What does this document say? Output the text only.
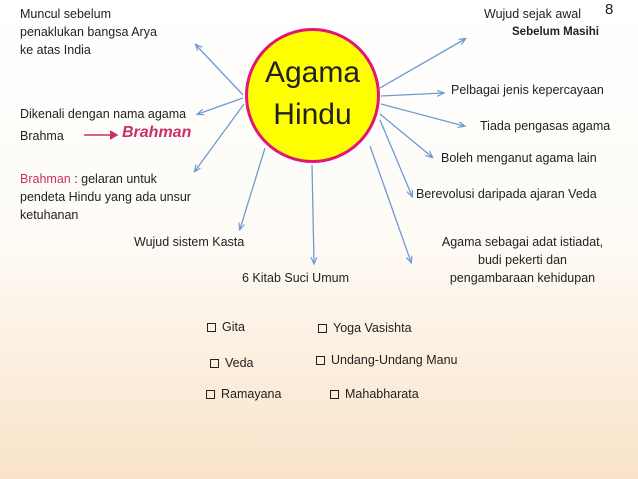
Agama
Hindu
Muncul sebelum
penaklukan bangsa Arya
ke atas India
Dikenali dengan nama agama
Brahma	Brahman
Brahman : gelaran untuk
pendeta Hindu yang ada unsur
ketuhanan
Wujud sistem Kasta
Wujud sejak awal 8
Sebelum Masihi
Pelbagai jenis kepercayaan
Tiada pengasas agama
Boleh menganut agama lain
Berevolusi daripada ajaran Veda
Agama sebagai adat istiadat,
budi pekerti dan
pengambaraan kehidupan
6 Kitab Suci Umum
Gita	Yoga Vasishta
Veda	Undang-Undang Manu
Ramayana	Mahabharata
